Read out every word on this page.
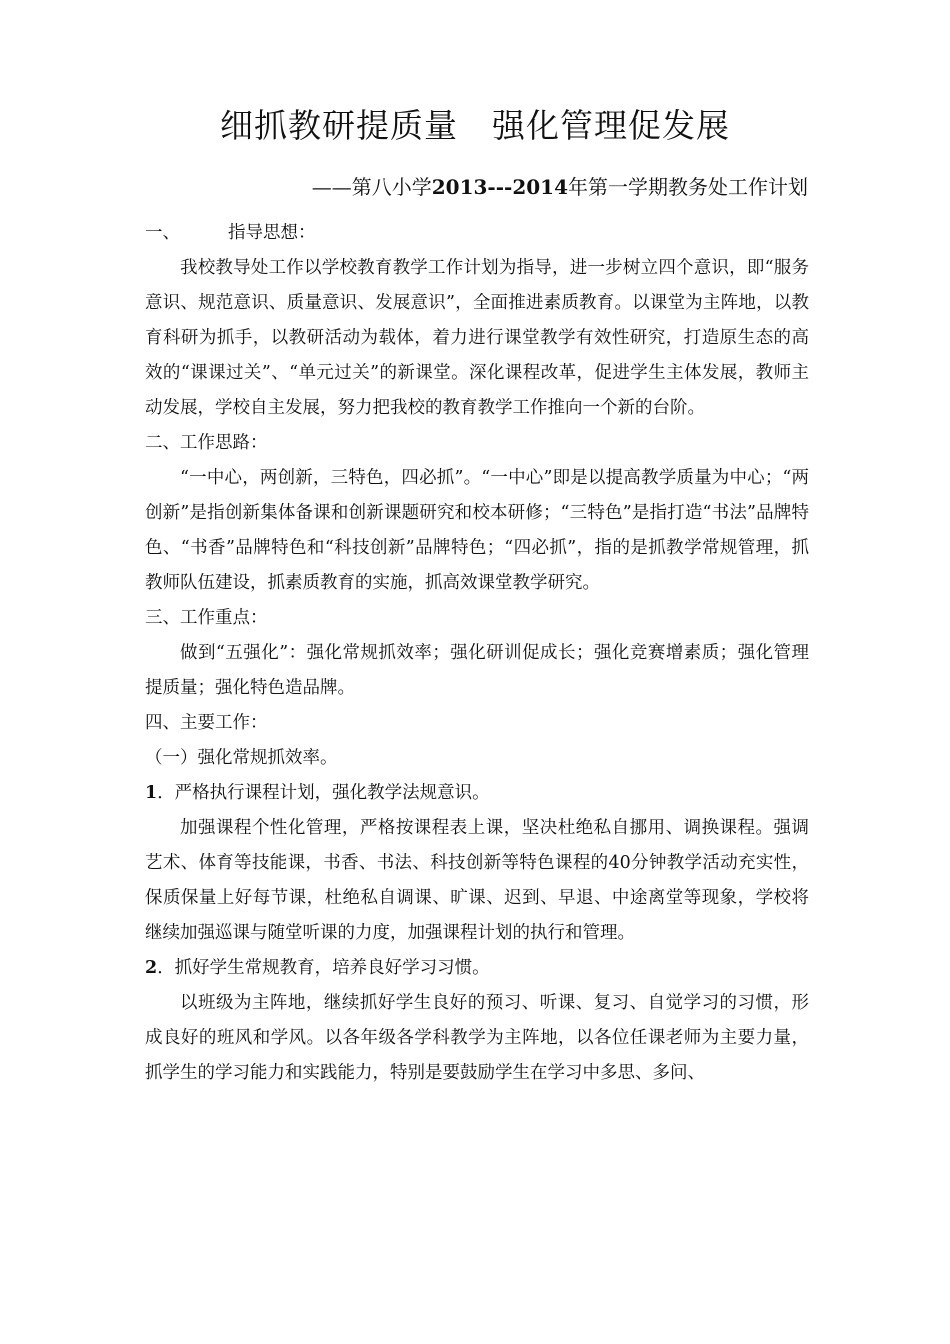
细抓教研提质量　强化管理促发展
——第八小学2013---2014年第一学期教务处工作计划

一、	指导思想：

我校教导处工作以学校教育教学工作计划为指导，进一步树立四个意识，即“服务意识、规范意识、质量意识、发展意识”，全面推进素质教育。以课堂为主阵地，以教育科研为抓手，以教研活动为载体，着力进行课堂教学有效性研究，打造原生态的高效的“课课过关”、“单元过关”的新课堂。深化课程改革，促进学生主体发展，教师主动发展，学校自主发展，努力把我校的教育教学工作推向一个新的台阶。

二、工作思路：

“一中心，两创新，三特色，四必抓”。“一中心”即是以提高教学质量为中心；“两创新”是指创新集体备课和创新课题研究和校本研修；“三特色”是指打造“书法”品牌特色、“书香”品牌特色和“科技创新”品牌特色；“四必抓”，指的是抓教学常规管理，抓教师队伍建设，抓素质教育的实施，抓高效课堂教学研究。

三、工作重点：

做到“五强化”：强化常规抓效率；强化研训促成长；强化竞赛增素质；强化管理提质量；强化特色造品牌。

四、主要工作：

（一）强化常规抓效率。

1．严格执行课程计划，强化教学法规意识。

加强课程个性化管理，严格按课程表上课，坚决杜绝私自挪用、调换课程。强调艺术、体育等技能课，书香、书法、科技创新等特色课程的40分钟教学活动充实性，保质保量上好每节课，杜绝私自调课、旷课、迟到、早退、中途离堂等现象，学校将继续加强巡课与随堂听课的力度，加强课程计划的执行和管理。

2．抓好学生常规教育，培养良好学习习惯。

以班级为主阵地，继续抓好学生良好的预习、听课、复习、自觉学习的习惯，形成良好的班风和学风。以各年级各学科教学为主阵地，以各位任课老师为主要力量，抓学生的学习能力和实践能力，特别是要鼓励学生在学习中多思、多问、
